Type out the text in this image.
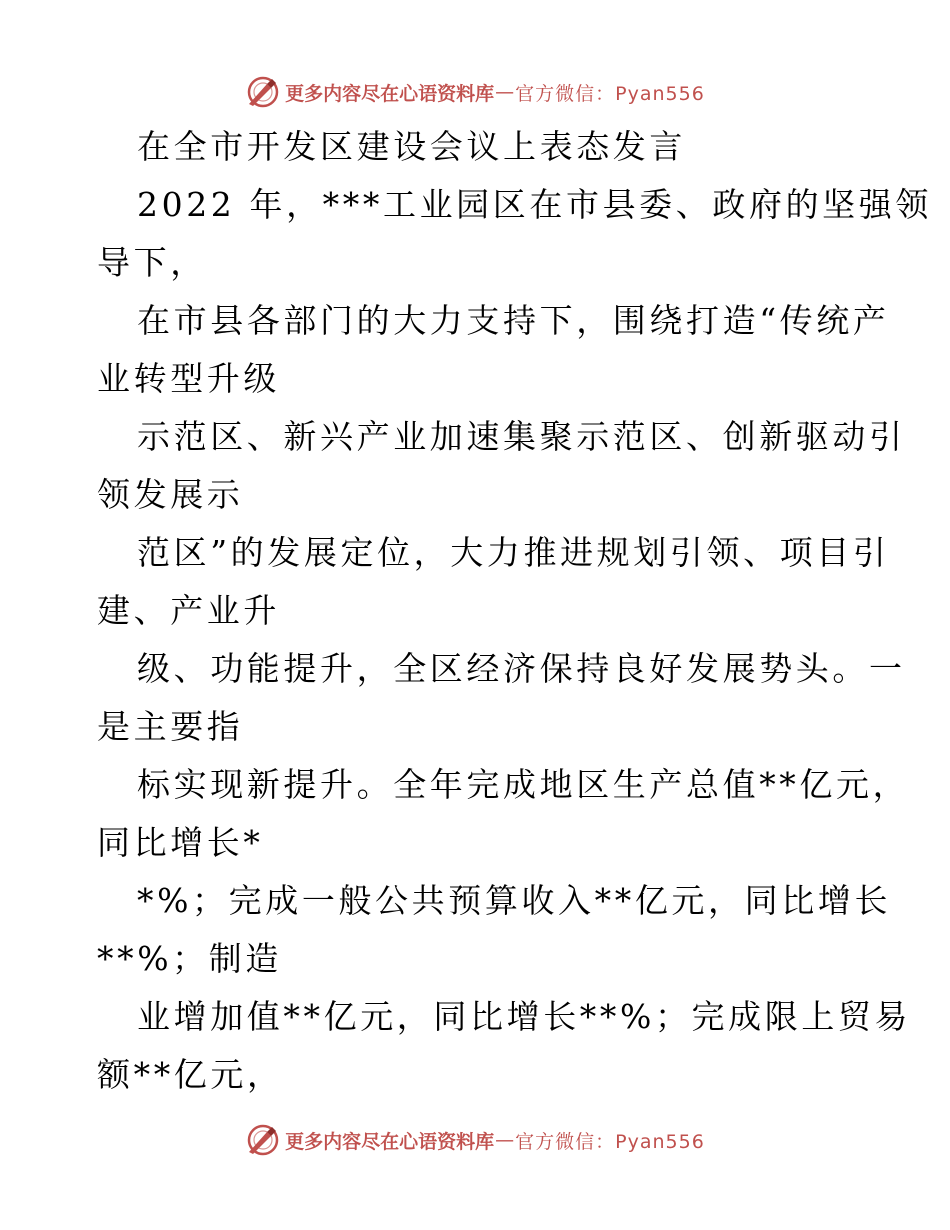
更多内容尽在心语资料库 — 官方微信：Pyan556
在全市开发区建设会议上表态发言
2022 年，***工业园区在市县委、政府的坚强领
导下，
在市县各部门的大力支持下，围绕打造“传统产
业转型升级
示范区、新兴产业加速集聚示范区、创新驱动引
领发展示
范区”的发展定位，大力推进规划引领、项目引
建、产业升
级、功能提升，全区经济保持良好发展势头。一
是主要指
标实现新提升。全年完成地区生产总值**亿元，
同比增长*
*%；完成一般公共预算收入**亿元，同比增长
**%；制造
业增加值**亿元，同比增长**%；完成限上贸易
额**亿元，
更多内容尽在心语资料库 — 官方微信：Pyan556
